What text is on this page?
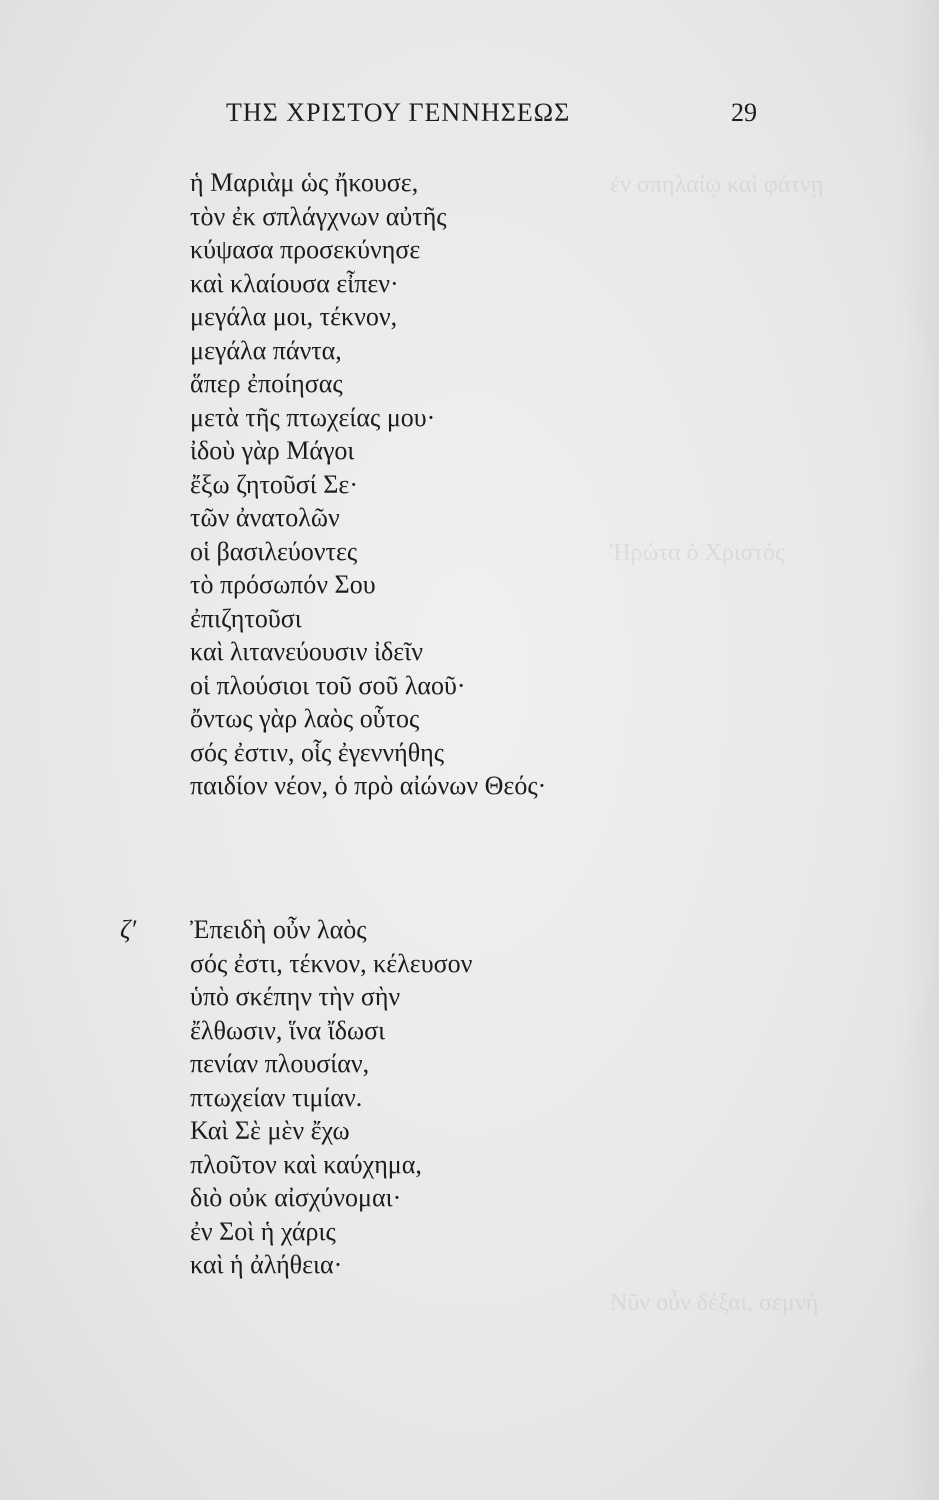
ἐν σπηλαίῳ καὶ φάτνῃ
Ἠρώτα ὁ Χριστός
Νῦν οὖν δέξαι, σεμνή
ΤΗΣ ΧΡΙΣΤΟΥ ΓΕΝΝΗΣΕΩΣ	29
ἡ Μαριὰμ ὡς ἤκουσε,
τὸν ἐκ σπλάγχνων αὐτῆς
κύψασα προσεκύνησε
καὶ κλαίουσα εἶπεν·
μεγάλα μοι, τέκνον,
μεγάλα πάντα,
ἅπερ ἐποίησας
μετὰ τῆς πτωχείας μου·
ἰδοὺ γὰρ Μάγοι
ἔξω ζητοῦσί Σε·
τῶν ἀνατολῶν
οἱ βασιλεύοντες
τὸ πρόσωπόν Σου
ἐπιζητοῦσι
καὶ λιτανεύουσιν ἰδεῖν
οἱ πλούσιοι τοῦ σοῦ λαοῦ·
ὄντως γὰρ λαὸς οὗτος
σός ἐστιν, οἷς ἐγεννήθης
παιδίον νέον, ὁ πρὸ αἰώνων Θεός·
ζ′ Ἐπειδὴ οὖν λαὸς
σός ἐστι, τέκνον, κέλευσον
ὑπὸ σκέπην τὴν σὴν
ἔλθωσιν, ἵνα ἴδωσι
πενίαν πλουσίαν,
πτωχείαν τιμίαν.
Καὶ Σὲ μὲν ἔχω
πλοῦτον καὶ καύχημα,
διὸ οὐκ αἰσχύνομαι·
ἐν Σοὶ ἡ χάρις
καὶ ἡ ἀλήθεια·
